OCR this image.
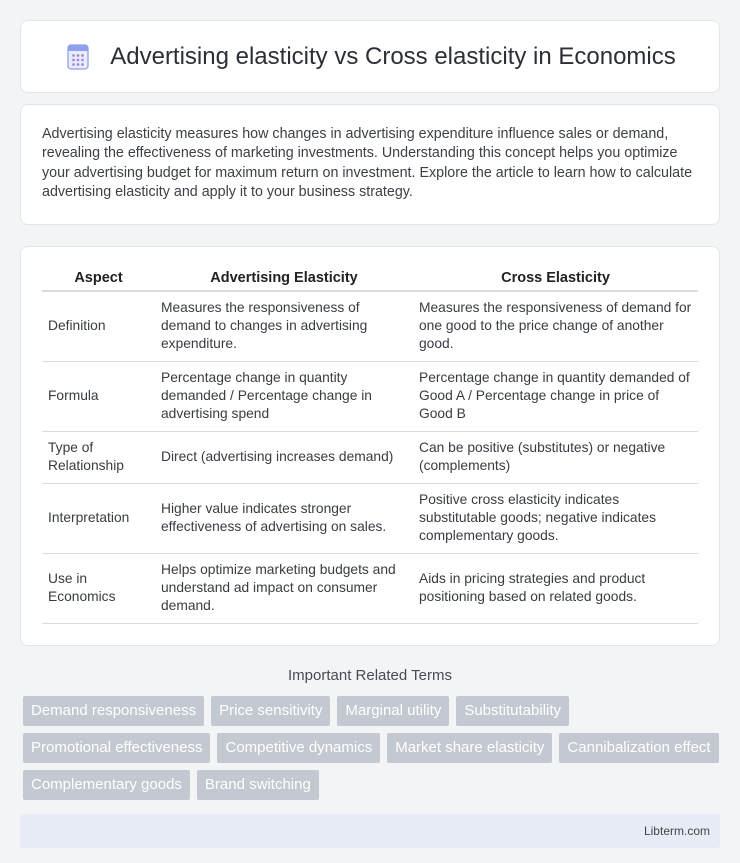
Advertising elasticity vs Cross elasticity in Economics

Advertising elasticity measures how changes in advertising expenditure influence sales or demand, revealing the effectiveness of marketing investments. Understanding this concept helps you optimize your advertising budget for maximum return on investment. Explore the article to learn how to calculate advertising elasticity and apply it to your business strategy.

Aspect	Advertising Elasticity	Cross Elasticity
Definition	Measures the responsiveness of demand to changes in advertising expenditure.	Measures the responsiveness of demand for one good to the price change of another good.
Formula	Percentage change in quantity demanded / Percentage change in advertising spend	Percentage change in quantity demanded of Good A / Percentage change in price of Good B
Type of Relationship	Direct (advertising increases demand)	Can be positive (substitutes) or negative (complements)
Interpretation	Higher value indicates stronger effectiveness of advertising on sales.	Positive cross elasticity indicates substitutable goods; negative indicates complementary goods.
Use in Economics	Helps optimize marketing budgets and understand ad impact on consumer demand.	Aids in pricing strategies and product positioning based on related goods.
Important Related Terms
Demand responsiveness	Price sensitivity	Marginal utility	Substitutability
Promotional effectiveness	Competitive dynamics	Market share elasticity	Cannibalization effect
Complementary goods	Brand switching
Libterm.com
